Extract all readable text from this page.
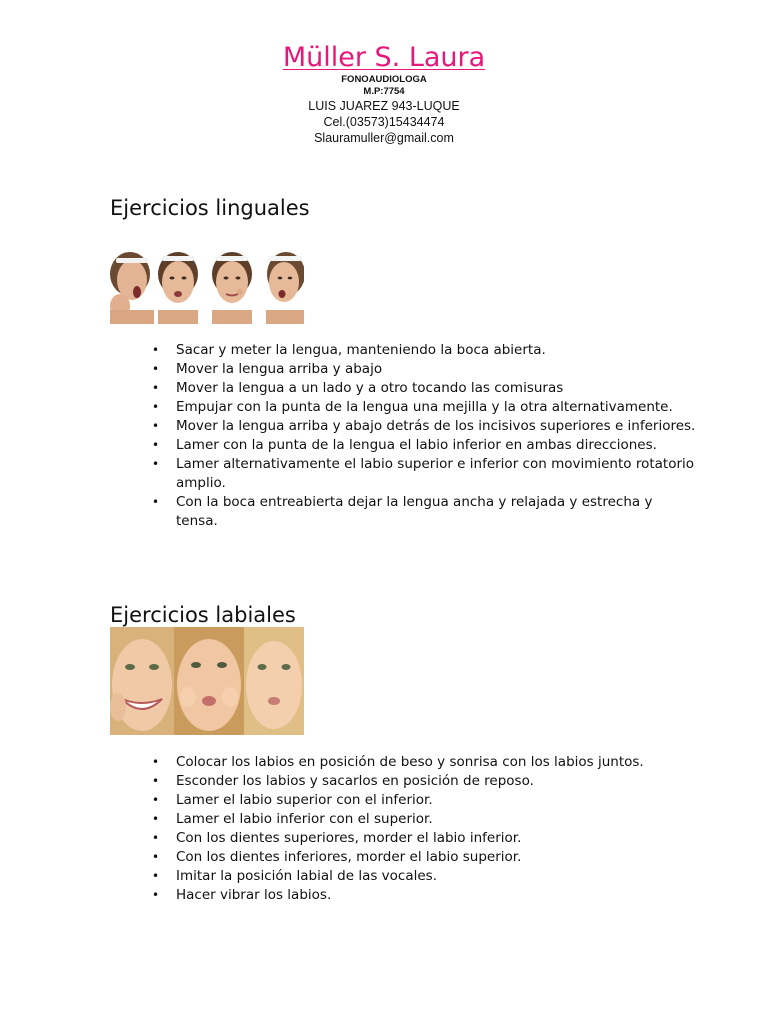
Müller S. Laura
FONOAUDIOLOGA
M.P:7754
LUIS JUAREZ 943-LUQUE
Cel.(03573)15434474
Slauramuller@gmail.com
Ejercicios linguales
• Sacar y meter la lengua, manteniendo la boca abierta.
• Mover la lengua arriba y abajo
• Mover la lengua a un lado y a otro tocando las comisuras
• Empujar con la punta de la lengua una mejilla y la otra alternativamente.
• Mover la lengua arriba y abajo detrás de los incisivos superiores e inferiores.
• Lamer con la punta de la lengua el labio inferior en ambas direcciones.
• Lamer alternativamente el labio superior e inferior con movimiento rotatorio amplio.
• Con la boca entreabierta dejar la lengua ancha y relajada y estrecha y tensa.
Ejercicios labiales
• Colocar los labios en posición de beso y sonrisa con los labios juntos.
• Esconder los labios y sacarlos en posición de reposo.
• Lamer el labio superior con el inferior.
• Lamer el labio inferior con el superior.
• Con los dientes superiores, morder el labio inferior.
• Con los dientes inferiores, morder el labio superior.
• Imitar la posición labial de las vocales.
• Hacer vibrar los labios.
